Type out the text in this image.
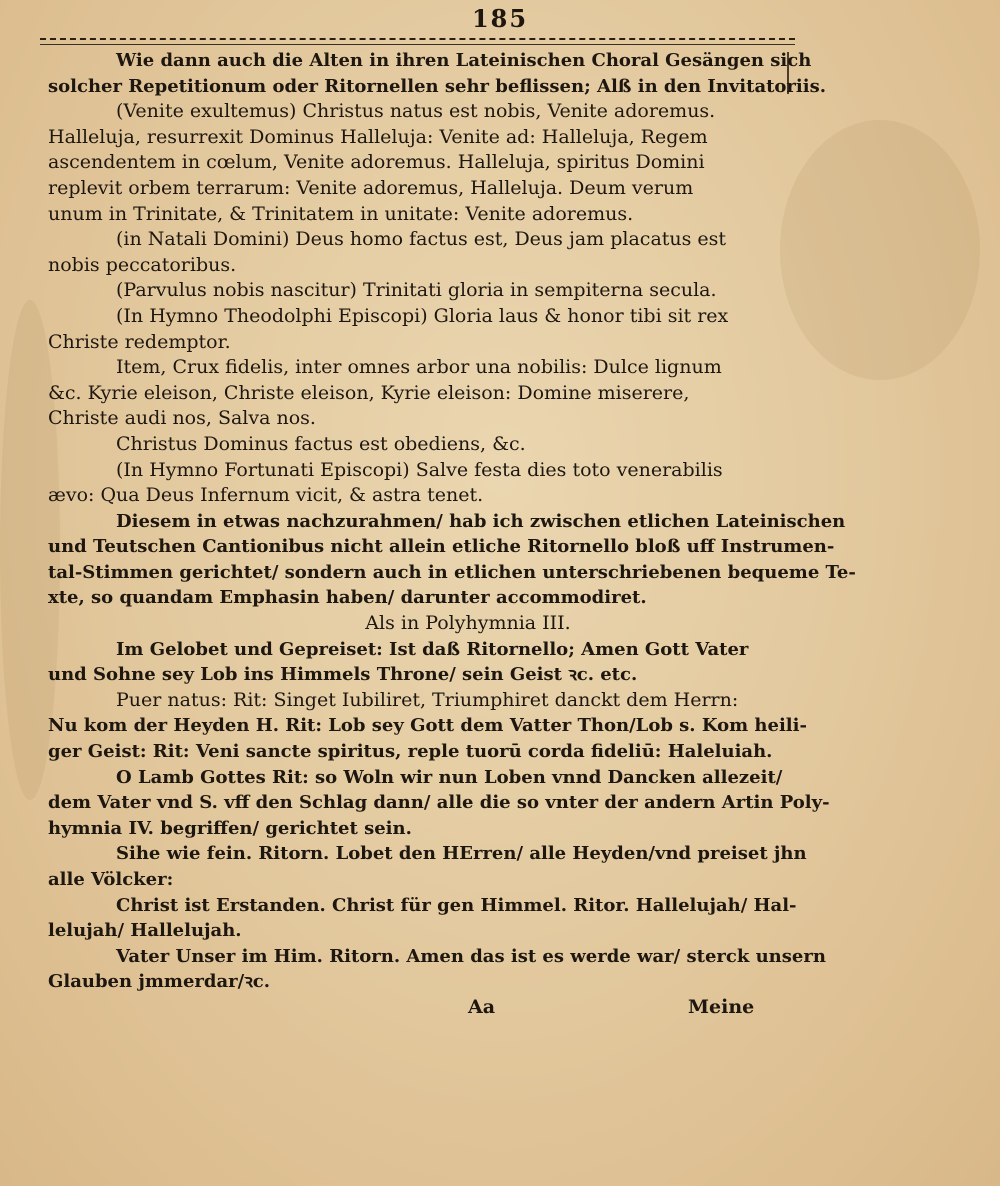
185
Wie dann auch die Alten in ihren Lateinischen Choral Gesängen sich
solcher Repetitionum oder Ritornellen sehr beflissen; Alß in den Invitatoriis.
(Venite exultemus) Christus natus est nobis, Venite adoremus.
Halleluja, resurrexit Dominus Halleluja: Venite ad: Halleluja, Regem
ascendentem in cœlum, Venite adoremus. Halleluja, spiritus Domini
replevit orbem terrarum: Venite adoremus, Halleluja. Deum verum
unum in Trinitate, & Trinitatem in unitate: Venite adoremus.
(in Natali Domini) Deus homo factus est, Deus jam placatus est
nobis peccatoribus.
(Parvulus nobis nascitur) Trinitati gloria in sempiterna secula.
(In Hymno Theodolphi Episcopi) Gloria laus & honor tibi sit rex
Christe redemptor.
Item, Crux fidelis, inter omnes arbor una nobilis: Dulce lignum
&c. Kyrie eleison, Christe eleison, Kyrie eleison: Domine miserere,
Christe audi nos, Salva nos.
Christus Dominus factus est obediens, &c.
(In Hymno Fortunati Episcopi) Salve festa dies toto venerabilis
ævo: Qua Deus Infernum vicit, & astra tenet.
Diesem in etwas nachzurahmen/ hab ich zwischen etlichen Lateinischen
und Teutschen Cantionibus nicht allein etliche Ritornello bloß uff Instrumen-
tal-Stimmen gerichtet/ sondern auch in etlichen unterschriebenen bequeme Te-
xte, so quandam Emphasin haben/ darunter accommodiret.
Als in Polyhymnia III.
Im Gelobet und Gepreiset: Ist daß Ritornello; Amen Gott Vater
und Sohne sey Lob ins Himmels Throne/ sein Geist ꝛc. etc.
Puer natus: Rit: Singet Iubiliret, Triumphiret danckt dem Herrn:
Nu kom der Heyden H. Rit: Lob sey Gott dem Vatter Thon/Lob s. Kom heili-
ger Geist: Rit: Veni sancte spiritus, reple tuorū corda fideliū: Haleluiah.
O Lamb Gottes Rit: so Woln wir nun Loben vnnd Dancken allezeit/
dem Vater vnd S. vff den Schlag dann/ alle die so vnter der andern Artin Poly-
hymnia IV. begriffen/ gerichtet sein.
Sihe wie fein. Ritorn. Lobet den HErren/ alle Heyden/vnd preiset jhn
alle Völcker:
Christ ist Erstanden. Christ für gen Himmel. Ritor. Hallelujah/ Hal-
lelujah/ Hallelujah.
Vater Unser im Him. Ritorn. Amen das ist es werde war/ sterck unsern
Glauben jmmerdar/ꝛc.
Aa	Meine
